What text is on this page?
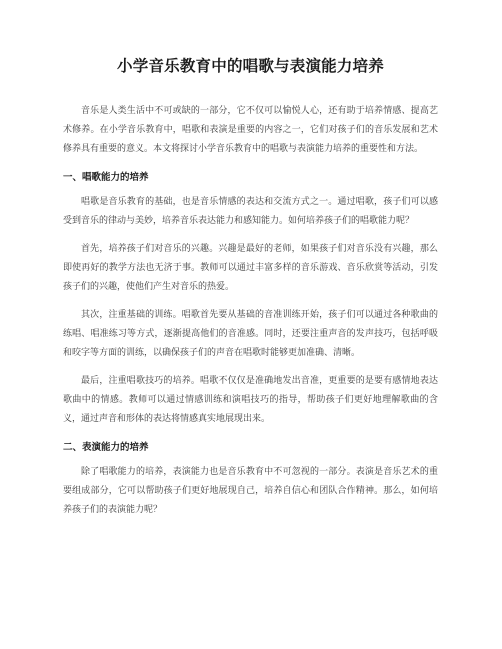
小学音乐教育中的唱歌与表演能力培养

音乐是人类生活中不可或缺的一部分，它不仅可以愉悦人心，还有助于培养情感、提高艺术修养。在小学音乐教育中，唱歌和表演是重要的内容之一，它们对孩子们的音乐发展和艺术修养具有重要的意义。本文将探讨小学音乐教育中的唱歌与表演能力培养的重要性和方法。

一、唱歌能力的培养

唱歌是音乐教育的基础，也是音乐情感的表达和交流方式之一。通过唱歌，孩子们可以感受到音乐的律动与美妙，培养音乐表达能力和感知能力。如何培养孩子们的唱歌能力呢？

首先，培养孩子们对音乐的兴趣。兴趣是最好的老师，如果孩子们对音乐没有兴趣，那么即使再好的教学方法也无济于事。教师可以通过丰富多样的音乐游戏、音乐欣赏等活动，引发孩子们的兴趣，使他们产生对音乐的热爱。

其次，注重基础的训练。唱歌首先要从基础的音准训练开始，孩子们可以通过各种歌曲的练唱、唱准练习等方式，逐渐提高他们的音准感。同时，还要注重声音的发声技巧，包括呼吸和咬字等方面的训练，以确保孩子们的声音在唱歌时能够更加准确、清晰。

最后，注重唱歌技巧的培养。唱歌不仅仅是准确地发出音准，更重要的是要有感情地表达歌曲中的情感。教师可以通过情感训练和演唱技巧的指导，帮助孩子们更好地理解歌曲的含义，通过声音和形体的表达将情感真实地展现出来。

二、表演能力的培养

除了唱歌能力的培养，表演能力也是音乐教育中不可忽视的一部分。表演是音乐艺术的重要组成部分，它可以帮助孩子们更好地展现自己，培养自信心和团队合作精神。那么，如何培养孩子们的表演能力呢？
